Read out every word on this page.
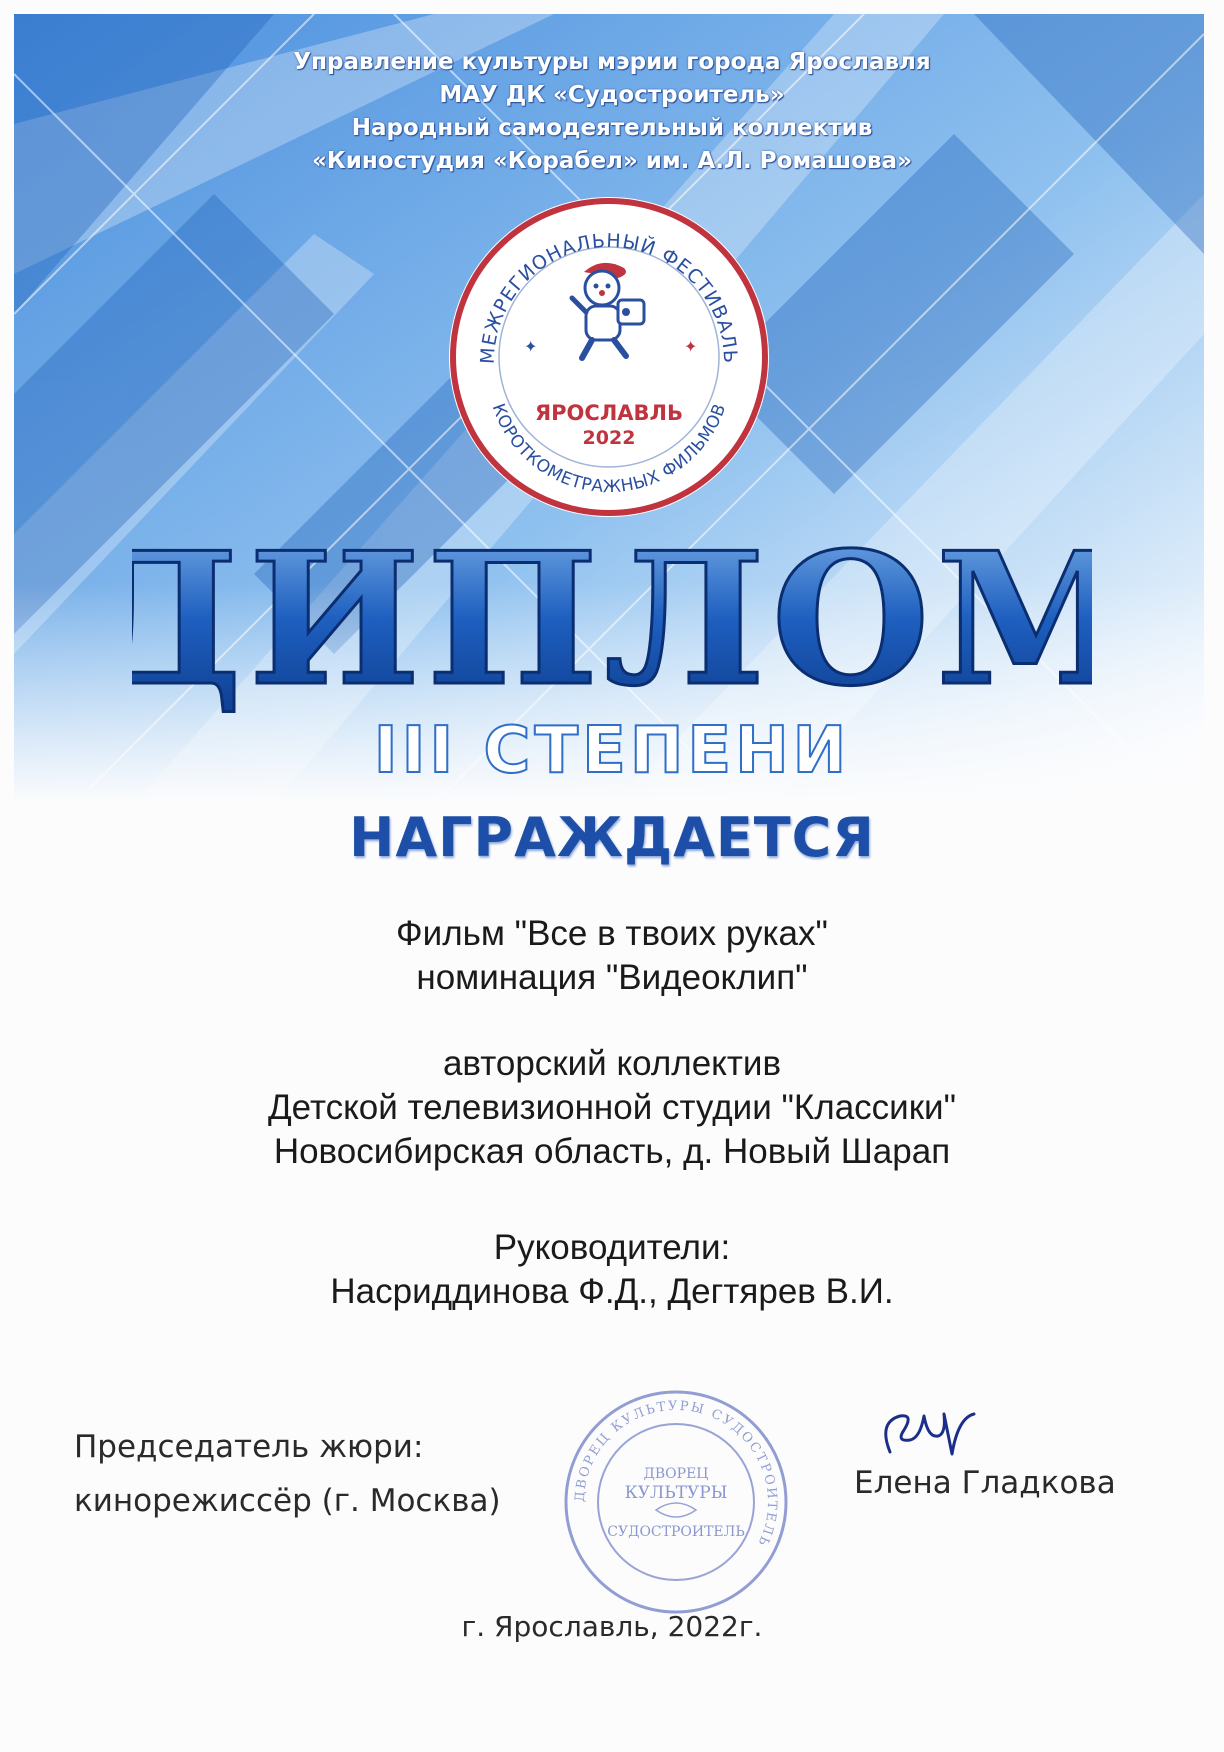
Управление культуры мэрии города Ярославля
МАУ ДК «Судостроитель»
Народный самодеятельный коллектив
«Киностудия «Корабел» им. А.Л. Ромашова»
МЕЖРЕГИОНАЛЬНЫЙ ФЕСТИВАЛЬ
КОРОТКОМЕТРАЖНЫХ ФИЛЬМОВ
✦	✦
ЯРОСЛАВЛЬ
2022
ДИПЛОМ
III СТЕПЕНИ
НАГРАЖДАЕТСЯ
Фильм "Все в твоих руках"
номинация "Видеоклип"
авторский коллектив
Детской телевизионной студии "Классики"
Новосибирская область, д. Новый Шарап
Руководители:
Насриддинова Ф.Д., Дегтярев В.И.
Председатель жюри:
кинорежиссёр (г. Москва)	ДВОРЕЦ КУЛЬТУРЫ СУДОСТРОИТЕЛЬ
ДВОРЕЦ
КУЛЬТУРЫ
СУДОСТРОИТЕЛЬ
Елена Гладкова
г. Ярославль, 2022г.
